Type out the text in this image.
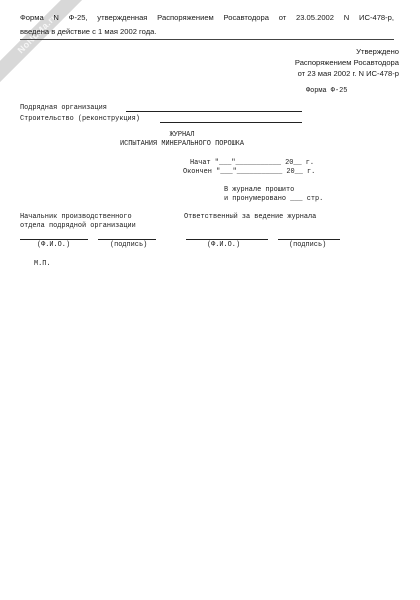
NoNuMa.ru
Форма N Ф-25, утвержденная Распоряжением Росавтодора от 23.05.2002 N ИС-478-р,
введена в действие с 1 мая 2002 года.
Утверждено
Распоряжением Росавтодора
от 23 мая 2002 г. N ИС-478-р
Форма Ф-25
Подрядная организация
Строительство (реконструкция)
ЖУРНАЛ
ИСПЫТАНИЯ МИНЕРАЛЬНОГО ПОРОШКА
Начат "___"___________ 20__ г.
Окончен "___"___________ 20__ г.
В журнале прошито
и пронумеровано ___ стр.
Начальник производственного
отдела подрядной организации
Ответственный за ведение журнала
(Ф.И.О.)	(подпись)	(Ф.И.О.)	(подпись)
М.П.
